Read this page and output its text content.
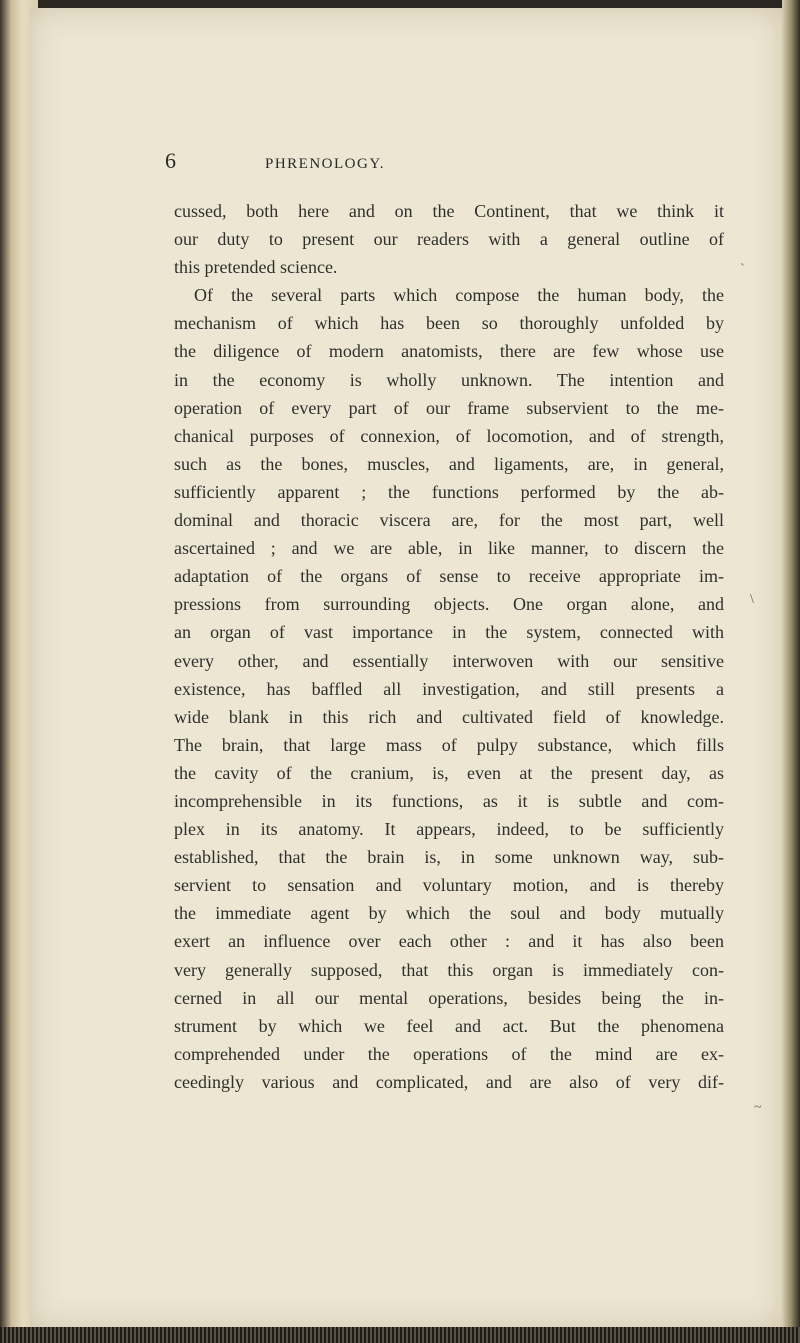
6	PHRENOLOGY.
cussed, both here and on the Continent, that we think it
our duty to present our readers with a general outline of
this pretended science.
Of the several parts which compose the human body, the
mechanism of which has been so thoroughly unfolded by
the diligence of modern anatomists, there are few whose use
in the economy is wholly unknown. The intention and
operation of every part of our frame subservient to the me-
chanical purposes of connexion, of locomotion, and of strength,
such as the bones, muscles, and ligaments, are, in general,
sufficiently apparent ; the functions performed by the ab-
dominal and thoracic viscera are, for the most part, well
ascertained ; and we are able, in like manner, to discern the
adaptation of the organs of sense to receive appropriate im-
pressions from surrounding objects. One organ alone, and
an organ of vast importance in the system, connected with
every other, and essentially interwoven with our sensitive
existence, has baffled all investigation, and still presents a
wide blank in this rich and cultivated field of knowledge.
The brain, that large mass of pulpy substance, which fills
the cavity of the cranium, is, even at the present day, as
incomprehensible in its functions, as it is subtle and com-
plex in its anatomy. It appears, indeed, to be sufficiently
established, that the brain is, in some unknown way, sub-
servient to sensation and voluntary motion, and is thereby
the immediate agent by which the soul and body mutually
exert an influence over each other : and it has also been
very generally supposed, that this organ is immediately con-
cerned in all our mental operations, besides being the in-
strument by which we feel and act. But the phenomena
comprehended under the operations of the mind are ex-
ceedingly various and complicated, and are also of very dif-
`
\
~
